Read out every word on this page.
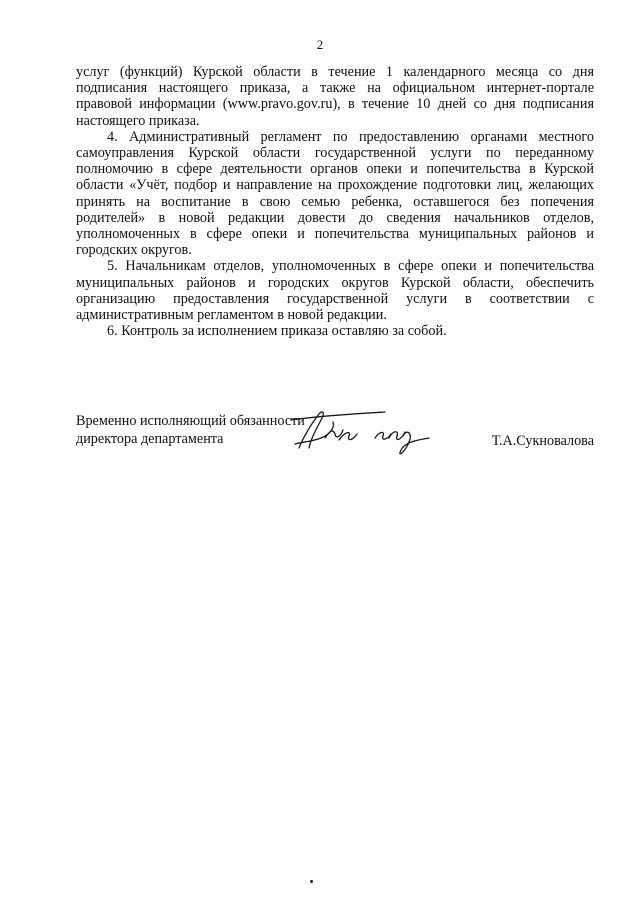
2

услуг (функций) Курской области в течение 1 календарного месяца со дня подписания настоящего приказа, а также на официальном интернет-портале правовой информации (www.pravo.gov.ru), в течение 10 дней со дня подписания настоящего приказа.

4. Административный регламент по предоставлению органами местного самоуправления Курской области государственной услуги по переданному полномочию в сфере деятельности органов опеки и попечительства в Курской области «Учёт, подбор и направление на прохождение подготовки лиц, желающих принять на воспитание в свою семью ребенка, оставшегося без попечения родителей» в новой редакции довести до сведения начальников отделов, уполномоченных в сфере опеки и попечительства муниципальных районов и городских округов.

5. Начальникам отделов, уполномоченных в сфере опеки и попечительства муниципальных районов и городских округов Курской области, обеспечить организацию предоставления государственной услуги в соответствии с административным регламентом в новой редакции.

6. Контроль за исполнением приказа оставляю за собой.

Временно исполняющий обязанности
директора департамента	Т.А.Сукновалова
